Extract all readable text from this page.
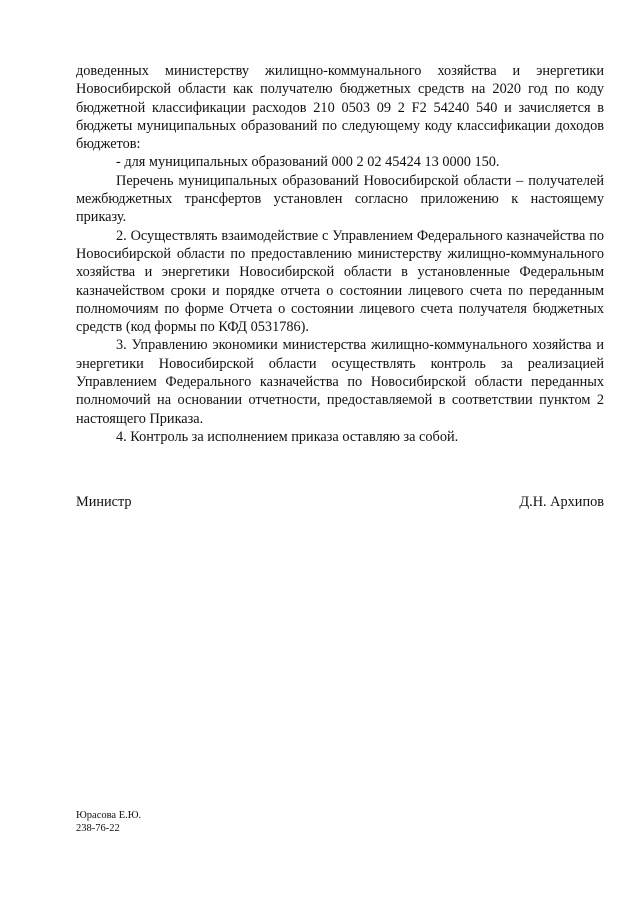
доведенных министерству жилищно-коммунального хозяйства и энергетики Новосибирской области как получателю бюджетных средств на 2020 год по коду бюджетной классификации расходов 210 0503 09 2 F2 54240 540 и зачисляется в бюджеты муниципальных образований по следующему коду классификации доходов бюджетов:

- для муниципальных образований 000 2 02 45424 13 0000 150.

Перечень муниципальных образований Новосибирской области – получателей межбюджетных трансфертов установлен согласно приложению к настоящему приказу.

2. Осуществлять взаимодействие с Управлением Федерального казначейства по Новосибирской области по предоставлению министерству жилищно-коммунального хозяйства и энергетики Новосибирской области в установленные Федеральным казначейством сроки и порядке отчета о состоянии лицевого счета по переданным полномочиям по форме Отчета о состоянии лицевого счета получателя бюджетных средств (код формы по КФД 0531786).

3. Управлению экономики министерства жилищно-коммунального хозяйства и энергетики Новосибирской области осуществлять контроль за реализацией Управлением Федерального казначейства по Новосибирской области переданных полномочий на основании отчетности, предоставляемой в соответствии пунктом 2 настоящего Приказа.

4. Контроль за исполнением приказа оставляю за собой.

Министр	Д.Н. Архипов
Юрасова Е.Ю.
238-76-22
